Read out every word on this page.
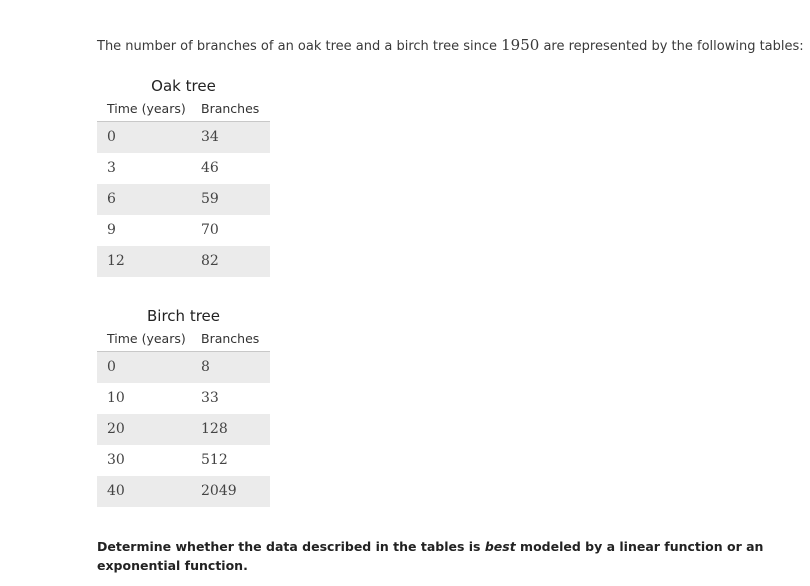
The number of branches of an oak tree and a birch tree since 1950 are represented by the following tables:
Oak tree
Time (years)	Branches
0	34
3	46
6	59
9	70
12	82
Birch tree
Time (years)	Branches
0	8
10	33
20	128
30	512
40	2049
Determine whether the data described in the tables is best modeled by a linear function or an exponential function.
